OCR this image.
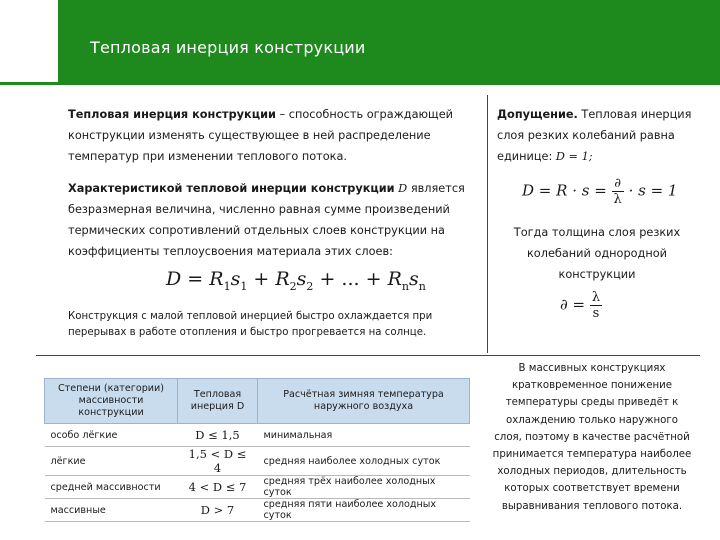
Тепловая инерция конструкции
Тепловая инерция конструкции – способность ограждающей конструкции изменять существующее в ней распределение температур при изменении теплового потока.
Характеристикой тепловой инерции конструкции D является безразмерная величина, численно равная сумме произведений термических сопротивлений отдельных слоев конструкции на коэффициенты теплоусвоения материала этих слоев:
$D = R_1s_1 + R_2s_2$ + ... + $R_ns_n$
Конструкция с малой тепловой инерцией быстро охлаждается при перерывах в работе отопления и быстро прогревается на солнце.
Допущение. Тепловая инерция слоя резких колебаний равна единице: D = 1;
$D = R \cdot s = \frac{\partial}{\lambda} \cdot s = 1$
Тогда толщина слоя резких колебаний однородной конструкции
∂ = $\frac{\lambda}{s}$
Степени (категории) массивности конструкции	Тепловая инерция D	Расчётная зимняя температура наружного воздуха
особо лёгкие	D ≤ 1,5	минимальная
лёгкие	1,5 < D ≤ 4	средняя наиболее холодных суток
средней массивности	4 < D ≤ 7	средняя трёх наиболее холодных суток
массивные	D > 7	средняя пяти наиболее холодных суток
В массивных конструкциях кратковременное понижение температуры среды приведёт к охлаждению только наружного слоя, поэтому в качестве расчётной принимается температура наиболее холодных периодов, длительность которых соответствует времени выравнивания теплового потока.
